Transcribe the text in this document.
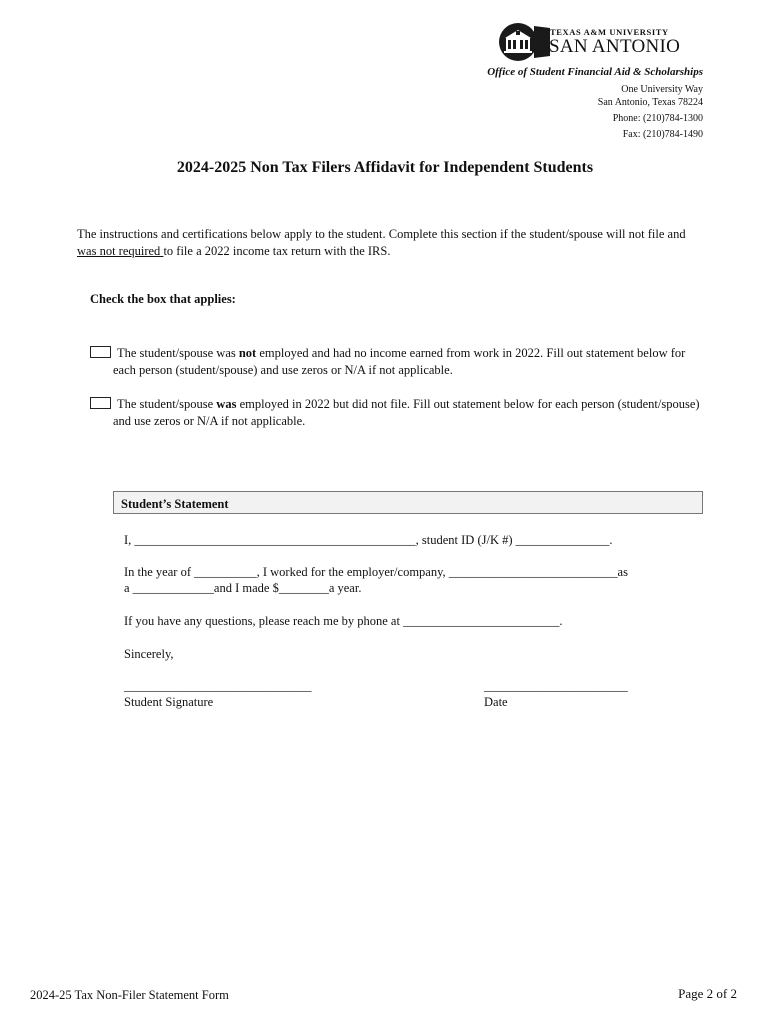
TEXAS A&M UNIVERSITY
SAN ANTONIO
Office of Student Financial Aid & Scholarships
One University Way
San Antonio, Texas 78224
Phone: (210)784-1300
Fax: (210)784-1490
2024-2025 Non Tax Filers Affidavit for Independent Students
The instructions and certifications below apply to the student. Complete this section if the student/spouse will not file and was not required to file a 2022 income tax return with the IRS.
Check the box that applies:
The student/spouse was not employed and had no income earned from work in 2022. Fill out statement below for each person (student/spouse) and use zeros or N/A if not applicable.
The student/spouse was employed in 2022 but did not file. Fill out statement below for each person (student/spouse) and use zeros or N/A if not applicable.
Student’s Statement
I, _____________________________________________, student ID (J/K #) _______________.
In the year of __________, I worked for the employer/company, ___________________________as
a _____________and I made $________a year.
If you have any questions, please reach me by phone at _________________________.
Sincerely,
______________________________
Student Signature
_______________________
Date
2024-25 Tax Non-Filer Statement Form	Page 2 of 2
